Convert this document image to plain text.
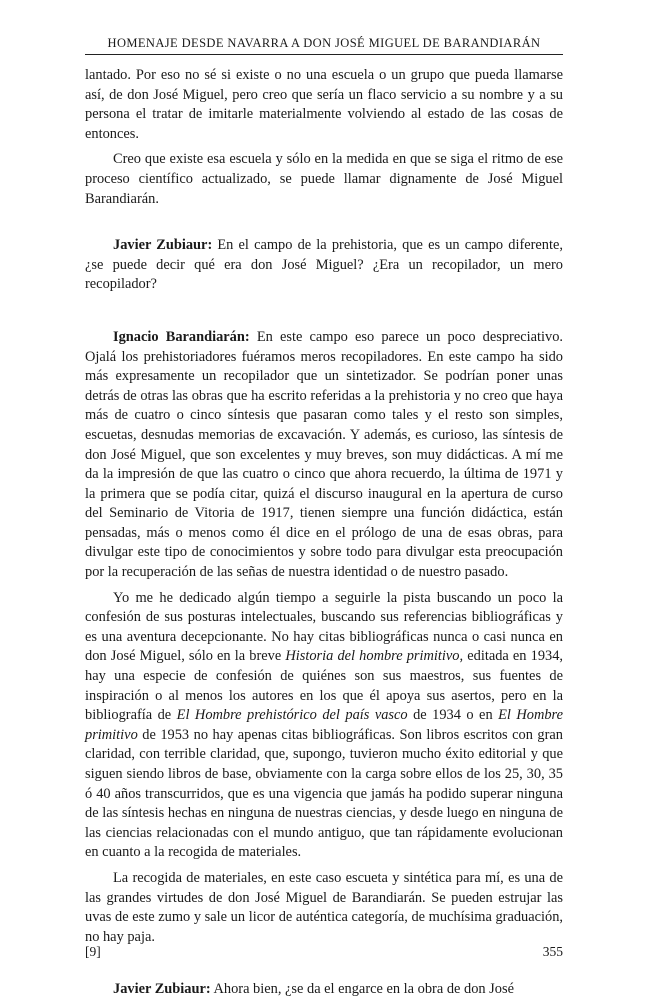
HOMENAJE DESDE NAVARRA A DON JOSÉ MIGUEL DE BARANDIARÁN

lantado. Por eso no sé si existe o no una escuela o un grupo que pueda llamarse así, de don José Miguel, pero creo que sería un flaco servicio a su nombre y a su persona el tratar de imitarle materialmente volviendo al estado de las cosas de entonces.

Creo que existe esa escuela y sólo en la medida en que se siga el ritmo de ese proceso científico actualizado, se puede llamar dignamente de José Miguel Barandiarán.

Javier Zubiaur: En el campo de la prehistoria, que es un campo diferente, ¿se puede decir qué era don José Miguel? ¿Era un recopilador, un mero recopilador?

Ignacio Barandiarán: En este campo eso parece un poco despreciativo. Ojalá los prehistoriadores fuéramos meros recopiladores. En este campo ha sido más expresamente un recopilador que un sintetizador. Se podrían poner unas detrás de otras las obras que ha escrito referidas a la prehistoria y no creo que haya más de cuatro o cinco síntesis que pasaran como tales y el resto son simples, escuetas, desnudas memorias de excavación. Y además, es curioso, las síntesis de don José Miguel, que son excelentes y muy breves, son muy didácticas. A mí me da la impresión de que las cuatro o cinco que ahora recuerdo, la última de 1971 y la primera que se podía citar, quizá el discurso inaugural en la apertura de curso del Seminario de Vitoria de 1917, tienen siempre una función didáctica, están pensadas, más o menos como él dice en el prólogo de una de esas obras, para divulgar este tipo de conocimientos y sobre todo para divulgar esta preocupación por la recuperación de las señas de nuestra identidad o de nuestro pasado.

Yo me he dedicado algún tiempo a seguirle la pista buscando un poco la confesión de sus posturas intelectuales, buscando sus referencias bibliográficas y es una aventura decepcionante. No hay citas bibliográficas nunca o casi nunca en don José Miguel, sólo en la breve Historia del hombre primitivo, editada en 1934, hay una especie de confesión de quiénes son sus maestros, sus fuentes de inspiración o al menos los autores en los que él apoya sus asertos, pero en la bibliografía de El Hombre prehistórico del país vasco de 1934 o en El Hombre primitivo de 1953 no hay apenas citas bibliográficas. Son libros escritos con gran claridad, con terrible claridad, que, supongo, tuvieron mucho éxito editorial y que siguen siendo libros de base, obviamente con la carga sobre ellos de los 25, 30, 35 ó 40 años transcurridos, que es una vigencia que jamás ha podido superar ninguna de las síntesis hechas en ninguna de nuestras ciencias, y desde luego en ninguna de las ciencias relacionadas con el mundo antiguo, que tan rápidamente evolucionan en cuanto a la recogida de materiales.

La recogida de materiales, en este caso escueta y sintética para mí, es una de las grandes virtudes de don José Miguel de Barandiarán. Se pueden estrujar las uvas de este zumo y sale un licor de auténtica categoría, de muchísima graduación, no hay paja.

Javier Zubiaur: Ahora bien, ¿se da el engarce en la obra de don José

[9]	355
